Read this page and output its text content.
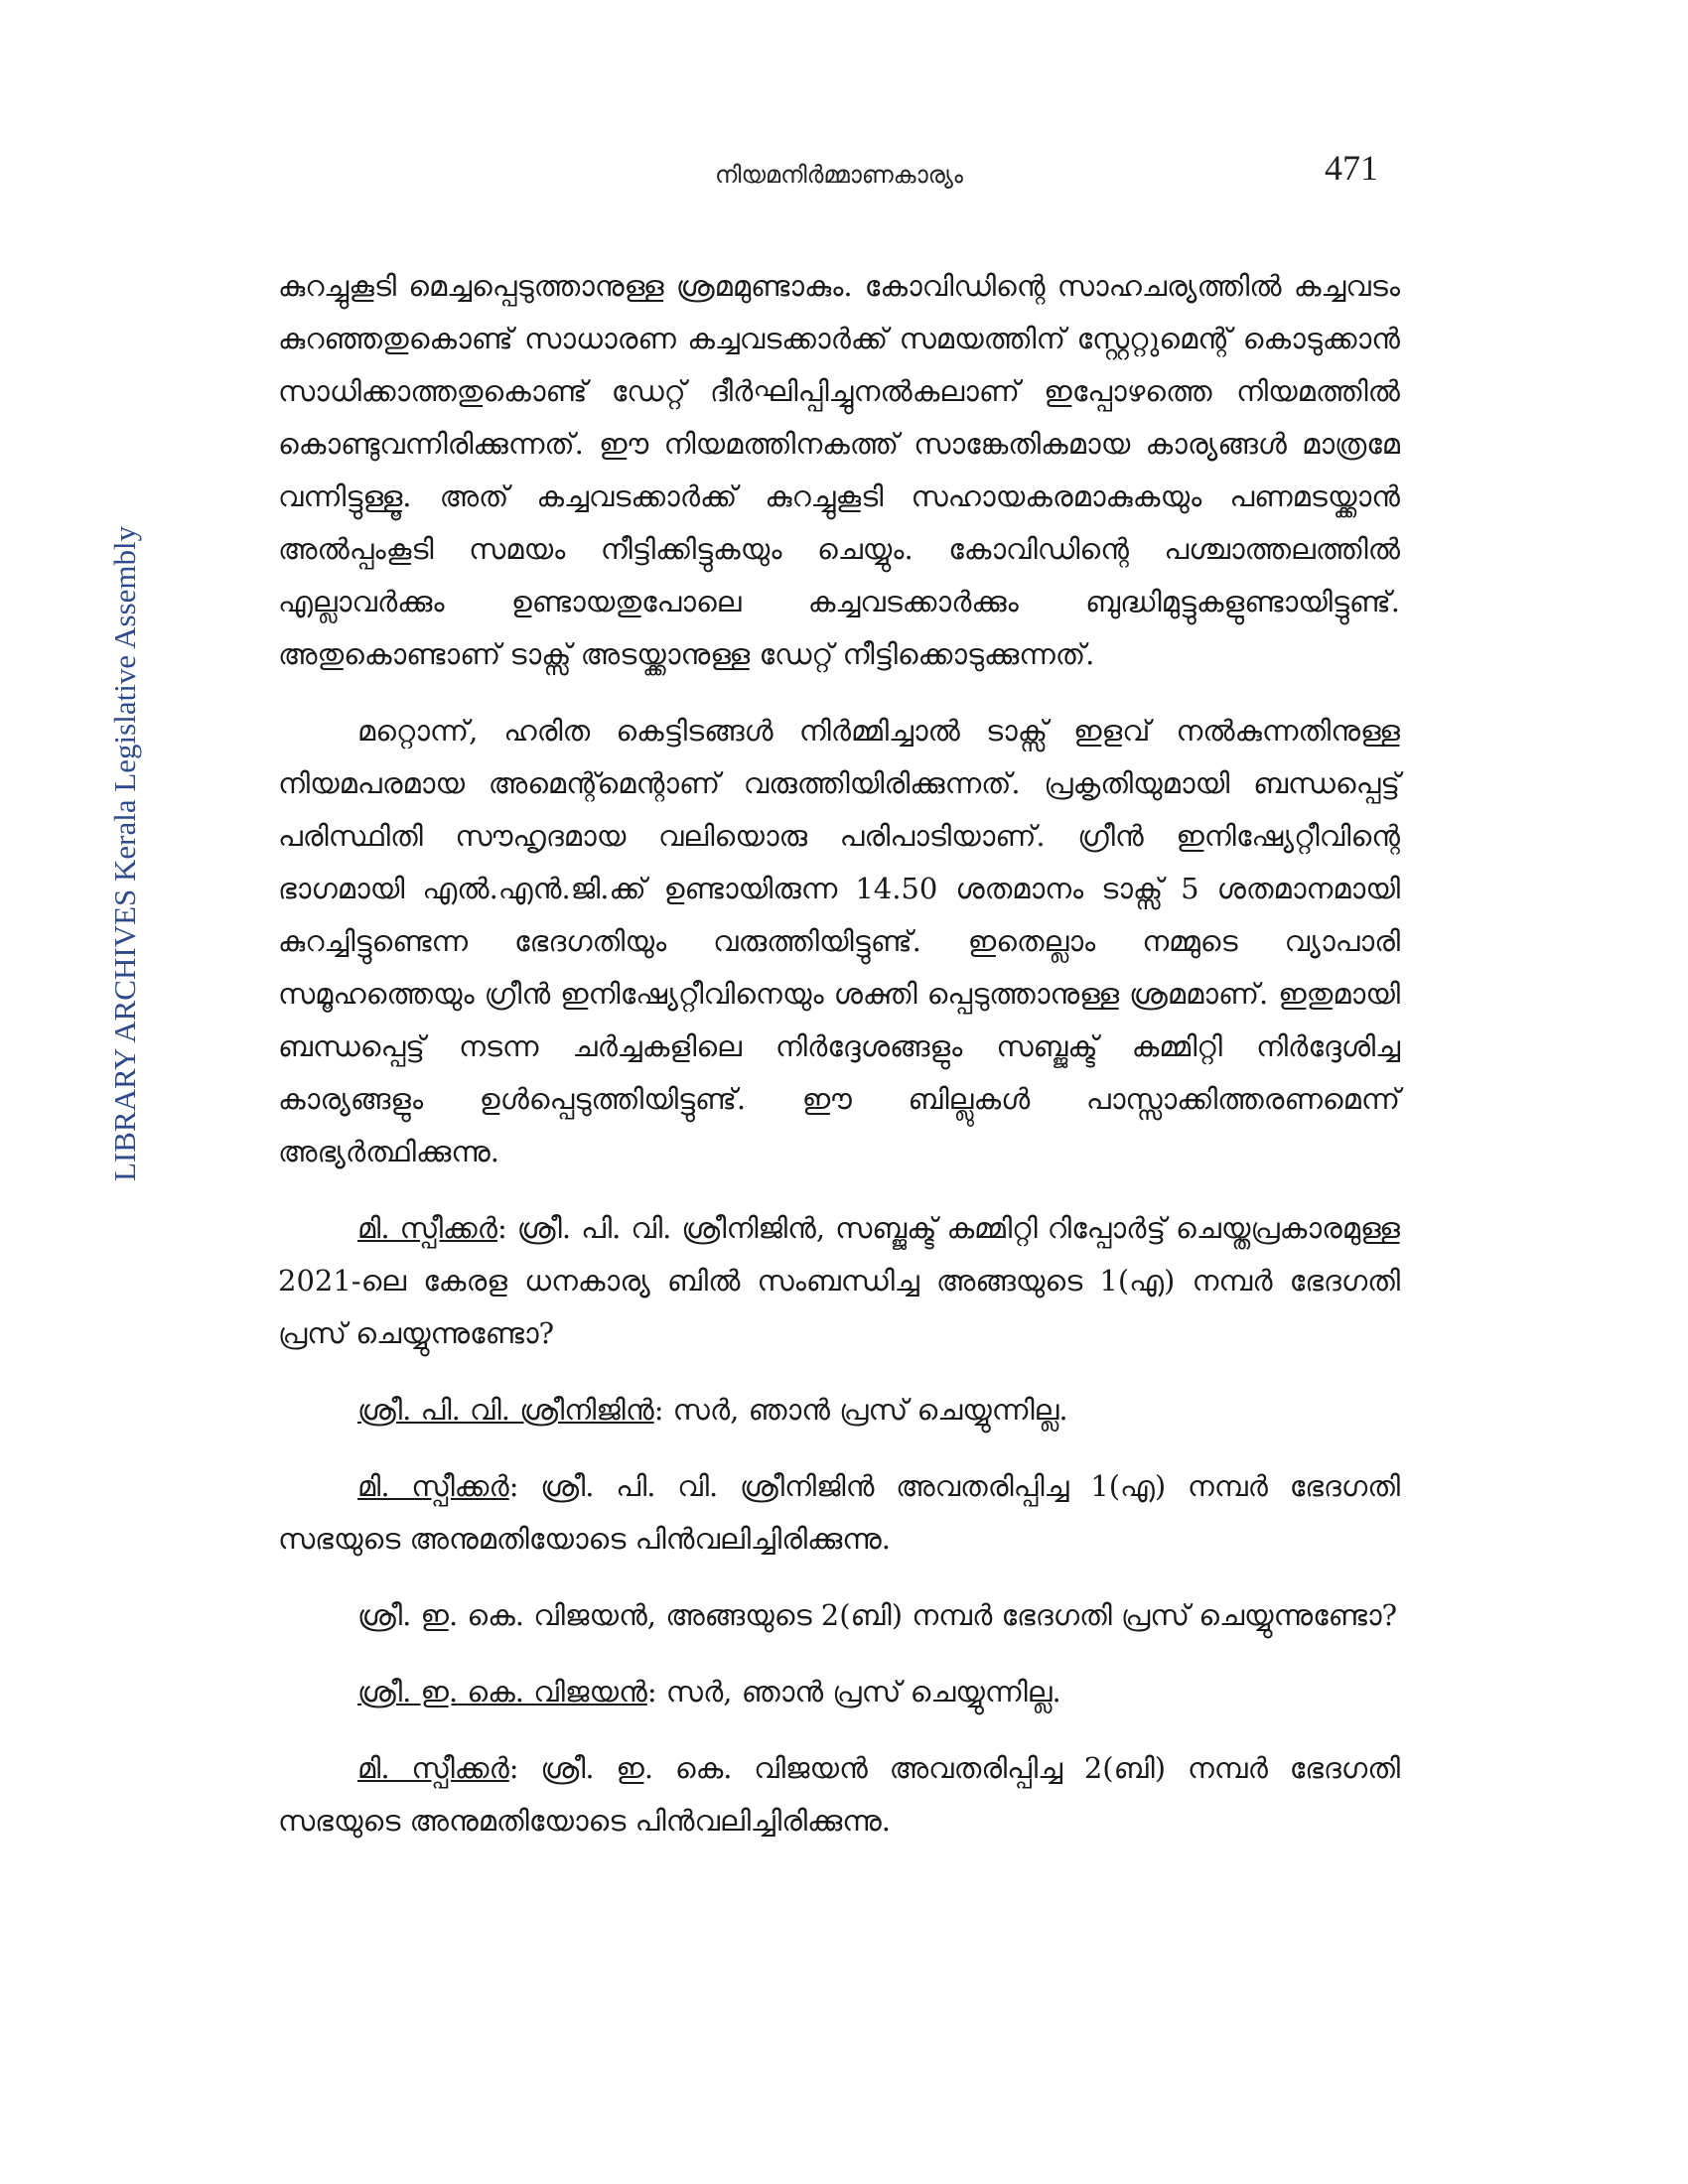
നിയമനിർമ്മാണകാര്യം	471
LIBRARY ARCHIVES Kerala Legislative Assembly

കുറച്ചുകൂടി മെച്ചപ്പെടുത്താനുള്ള ശ്രമമുണ്ടാകും. കോവിഡിന്റെ സാഹചര്യത്തിൽ കച്ചവടം കുറഞ്ഞതുകൊണ്ട് സാധാരണ കച്ചവടക്കാർക്ക് സമയത്തിന് സ്റ്റേറ്റുമെന്റ് കൊടുക്കാൻ സാധിക്കാത്തതുകൊണ്ട് ഡേറ്റ് ദീർഘിപ്പിച്ചുനൽകലാണ് ഇപ്പോഴത്തെ നിയമത്തിൽ കൊണ്ടുവന്നിരിക്കുന്നത്. ഈ നിയമത്തിനകത്ത് സാങ്കേതികമായ കാര്യങ്ങൾ മാത്രമേ വന്നിട്ടുള്ളൂ. അത് കച്ചവടക്കാർക്ക് കുറച്ചുകൂടി സഹായകരമാകുകയും പണമടയ്ക്കാൻ അൽപ്പംകൂടി സമയം നീട്ടിക്കിട്ടുകയും ചെയ്യും. കോവിഡിന്റെ പശ്ചാത്തലത്തിൽ എല്ലാവർക്കും ഉണ്ടായതുപോലെ കച്ചവടക്കാർക്കും ബുദ്ധിമുട്ടുകളുണ്ടായിട്ടുണ്ട്. അതുകൊണ്ടാണ് ടാക്സ് അടയ്ക്കാനുള്ള ഡേറ്റ് നീട്ടിക്കൊടുക്കുന്നത്.

മറ്റൊന്ന്, ഹരിത കെട്ടിടങ്ങൾ നിർമ്മിച്ചാൽ ടാക്സ് ഇളവ് നൽകുന്നതിനുള്ള നിയമപരമായ അമെന്റ്മെന്റാണ് വരുത്തിയിരിക്കുന്നത്. പ്രകൃതിയുമായി ബന്ധപ്പെട്ട് പരിസ്ഥിതി സൗഹൃദമായ വലിയൊരു പരിപാടിയാണ്. ഗ്രീൻ ഇനിഷ്യേറ്റീവിന്റെ ഭാഗമായി എൽ.എൻ.ജി.ക്ക് ഉണ്ടായിരുന്ന 14.50 ശതമാനം ടാക്സ് 5 ശതമാനമായി കുറച്ചിട്ടുണ്ടെന്ന ഭേദഗതിയും വരുത്തിയിട്ടുണ്ട്. ഇതെല്ലാം നമ്മുടെ വ്യാപാരി സമൂഹത്തെയും ഗ്രീൻ ഇനിഷ്യേറ്റീവിനെയും ശക്തി പ്പെടുത്താനുള്ള ശ്രമമാണ്. ഇതുമായി ബന്ധപ്പെട്ട് നടന്ന ചർച്ചകളിലെ നിർദ്ദേശങ്ങളും സബ്ജക്ട് കമ്മിറ്റി നിർദ്ദേശിച്ച കാര്യങ്ങളും ഉൾപ്പെടുത്തിയിട്ടുണ്ട്. ഈ ബില്ലുകൾ പാസ്സാക്കിത്തരണമെന്ന് അഭ്യർത്ഥിക്കുന്നു.

മി. സ്പീക്കർ: ശ്രീ. പി. വി. ശ്രീനിജിൻ, സബ്ജക്ട് കമ്മിറ്റി റിപ്പോർട്ട് ചെയ്തപ്രകാരമുള്ള 2021-ലെ കേരള ധനകാര്യ ബിൽ സംബന്ധിച്ച അങ്ങയുടെ 1(എ) നമ്പർ ഭേദഗതി പ്രസ് ചെയ്യുന്നുണ്ടോ?

ശ്രീ. പി. വി. ശ്രീനിജിൻ: സർ, ഞാൻ പ്രസ് ചെയ്യുന്നില്ല.

മി. സ്പീക്കർ: ശ്രീ. പി. വി. ശ്രീനിജിൻ അവതരിപ്പിച്ച 1(എ) നമ്പർ ഭേദഗതി സഭയുടെ അനുമതിയോടെ പിൻവലിച്ചിരിക്കുന്നു.

ശ്രീ. ഇ. കെ. വിജയൻ, അങ്ങയുടെ 2(ബി) നമ്പർ ഭേദഗതി പ്രസ് ചെയ്യുന്നുണ്ടോ?

ശ്രീ. ഇ. കെ. വിജയൻ: സർ, ഞാൻ പ്രസ് ചെയ്യുന്നില്ല.

മി. സ്പീക്കർ: ശ്രീ. ഇ. കെ. വിജയൻ അവതരിപ്പിച്ച 2(ബി) നമ്പർ ഭേദഗതി സഭയുടെ അനുമതിയോടെ പിൻവലിച്ചിരിക്കുന്നു.
